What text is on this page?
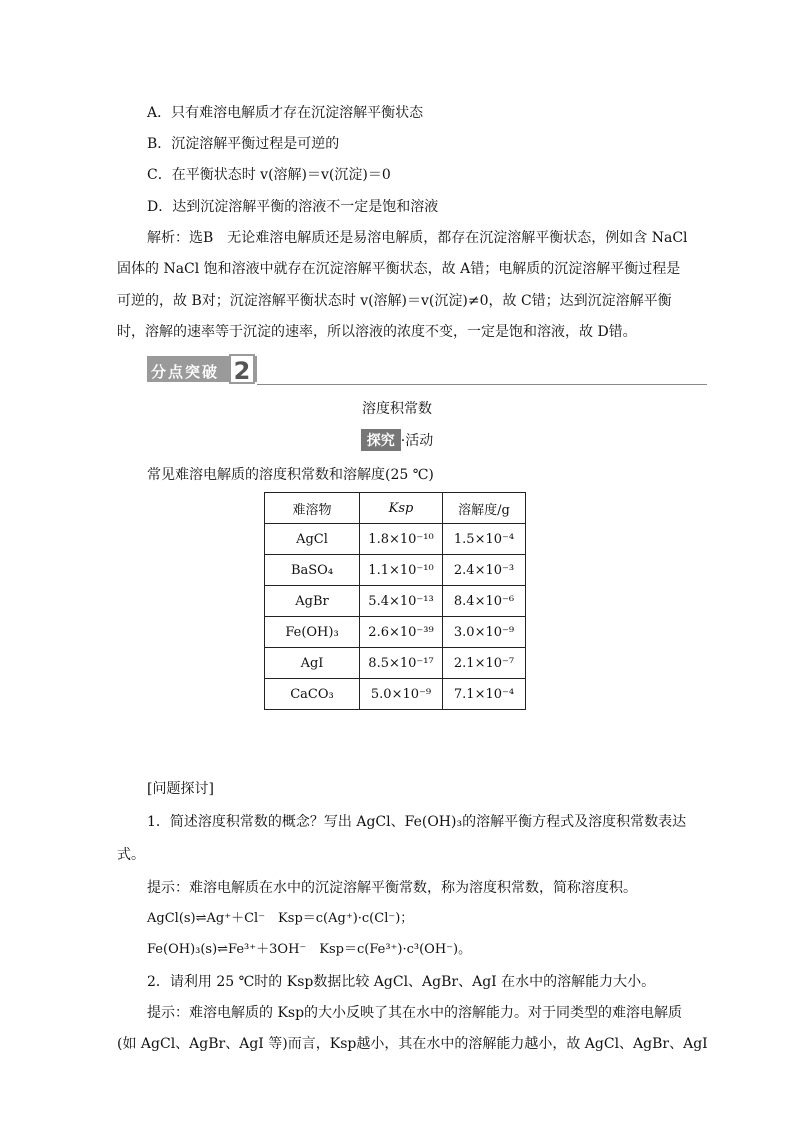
A．只有难溶电解质才存在沉淀溶解平衡状态
B．沉淀溶解平衡过程是可逆的
C．在平衡状态时 v(溶解)＝v(沉淀)＝0
D．达到沉淀溶解平衡的溶液不一定是饱和溶液
解析：选B　无论难溶电解质还是易溶电解质，都存在沉淀溶解平衡状态，例如含 NaCl
固体的 NaCl 饱和溶液中就存在沉淀溶解平衡状态，故 A错；电解质的沉淀溶解平衡过程是
可逆的，故 B对；沉淀溶解平衡状态时 v(溶解)＝v(沉淀)≠0，故 C错；达到沉淀溶解平衡
时，溶解的速率等于沉淀的速率，所以溶液的浓度不变，一定是饱和溶液，故 D错。
分点突破 2
溶度积常数
探究 ·活动
常见难溶电解质的溶度积常数和溶解度(25 ℃)
难溶物	Ksp	溶解度/g
AgCl	1.8×10⁻¹⁰	1.5×10⁻⁴
BaSO₄	1.1×10⁻¹⁰	2.4×10⁻³
AgBr	5.4×10⁻¹³	8.4×10⁻⁶
Fe(OH)₃	2.6×10⁻³⁹	3.0×10⁻⁹
AgI	8.5×10⁻¹⁷	2.1×10⁻⁷
CaCO₃	5.0×10⁻⁹	7.1×10⁻⁴
[问题探讨]
1．简述溶度积常数的概念？写出 AgCl、Fe(OH)₃的溶解平衡方程式及溶度积常数表达
式。
提示：难溶电解质在水中的沉淀溶解平衡常数，称为溶度积常数，简称溶度积。
AgCl(s)⇌Ag⁺＋Cl⁻　Ksp＝c(Ag⁺)·c(Cl⁻)；
Fe(OH)₃(s)⇌Fe³⁺＋3OH⁻　Ksp＝c(Fe³⁺)·c³(OH⁻)。
2．请利用 25 ℃时的 Ksp数据比较 AgCl、AgBr、AgI 在水中的溶解能力大小。
提示：难溶电解质的 Ksp的大小反映了其在水中的溶解能力。对于同类型的难溶电解质
(如 AgCl、AgBr、AgI 等)而言，Ksp越小，其在水中的溶解能力越小，故 AgCl、AgBr、AgI
